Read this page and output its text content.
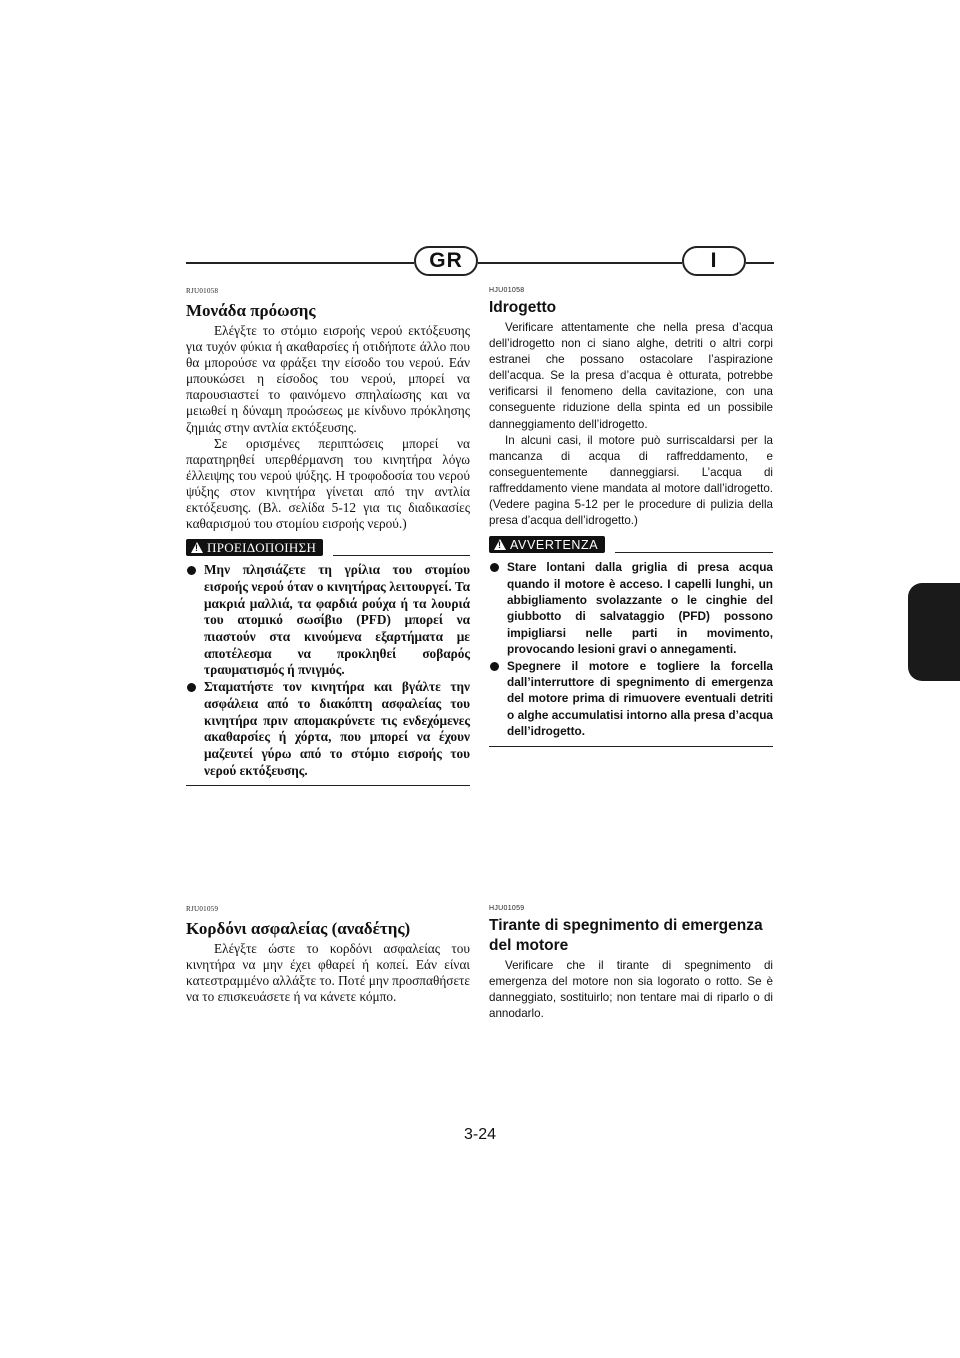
GR	I
RJU01058
Μονάδα πρόωσης

Ελέγξτε το στόμιο εισροής νερού εκτόξευσης για τυχόν φύκια ή ακαθαρσίες ή οτιδήποτε άλλο που θα μπορούσε να φράξει την είσοδο του νερού. Εάν μπουκώσει η είσοδος του νερού, μπορεί να παρουσιαστεί το φαινόμενο σπηλαίωσης και να μειωθεί η δύναμη πρoώσεως με κίνδυνο πρόκλησης ζημιάς στην αντλία εκτόξευσης.

Σε ορισμένες περιπτώσεις μπορεί να παρατηρηθεί υπερθέρμανση του κινητήρα λόγω έλλειψης του νερού ψύξης. Η τροφοδοσία του νερού ψύξης στον κινητήρα γίνεται από την αντλία εκτόξευσης. (Βλ. σελίδα 5-12 για τις διαδικασίες καθαρισμού του στομίου εισροής νερού.)

!
ΠΡΟΕΙΔΟΠΟΙΗΣΗ
Μην πλησιάζετε τη γρίλια του στομίου εισροής νερού όταν ο κινητήρας λειτουργεί. Τα μακριά μαλλιά, τα φαρδιά ρούχα ή τα λουριά του ατομικό σωσίβιο (PFD) μπορεί να πιαστούν στα κινούμενα εξαρτήματα με αποτέλεσμα να προκληθεί σοβαρός τραυματισμός ή πνιγμός.
Σταματήστε τον κινητήρα και βγάλτε την ασφάλεια από το διακόπτη ασφαλείας του κινητήρα πριν απομακρύνετε τις ενδεχόμενες ακαθαρσίες ή χόρτα, που μπορεί να έχουν μαζευτεί γύρω από το στόμιο εισροής του νερού εκτόξευσης.
HJU01058
Idrogetto

Verificare attentamente che nella presa d’acqua dell’idrogetto non ci siano alghe, detriti o altri corpi estranei che possano ostacolare l’aspirazione dell’acqua. Se la presa d’acqua è otturata, potrebbe verificarsi il fenomeno della cavitazione, con una conseguente riduzione della spinta ed un possibile danneggiamento dell’idrogetto.

In alcuni casi, il motore può surriscaldarsi per la mancanza di acqua di raffreddamento, e conseguentemente danneggiarsi. L’acqua di raffreddamento viene mandata al motore dall’idrogetto. (Vedere pagina 5-12 per le procedure di pulizia della presa d’acqua dell’idrogetto.)

!
AVVERTENZA
Stare lontani dalla griglia di presa acqua quando il motore è acceso. I capelli lunghi, un abbigliamento svolazzante o le cinghie del giubbotto di salvataggio (PFD) possono impigliarsi nelle parti in movimento, provocando lesioni gravi o annegamenti.
Spegnere il motore e togliere la forcella dall’interruttore di spegnimento di emergenza del motore prima di rimuovere eventuali detriti o alghe accumulatisi intorno alla presa d’acqua dell’idrogetto.
RJU01059
Κορδόνι ασφαλείας (αναδέτης)

Ελέγξτε ώστε το κορδόνι ασφαλείας του κινητήρα να μην έχει φθαρεί ή κοπεί. Εάν είναι κατεστραμμένο αλλάξτε το. Ποτέ μην προσπαθήσετε να το επισκευάσετε ή να κάνετε κόμπο.

HJU01059
Tirante di spegnimento di emergenza del motore

Verificare che il tirante di spegnimento di emergenza del motore non sia logorato o rotto. Se è danneggiato, sostituirlo; non tentare mai di riparlo o di annodarlo.

3-24
